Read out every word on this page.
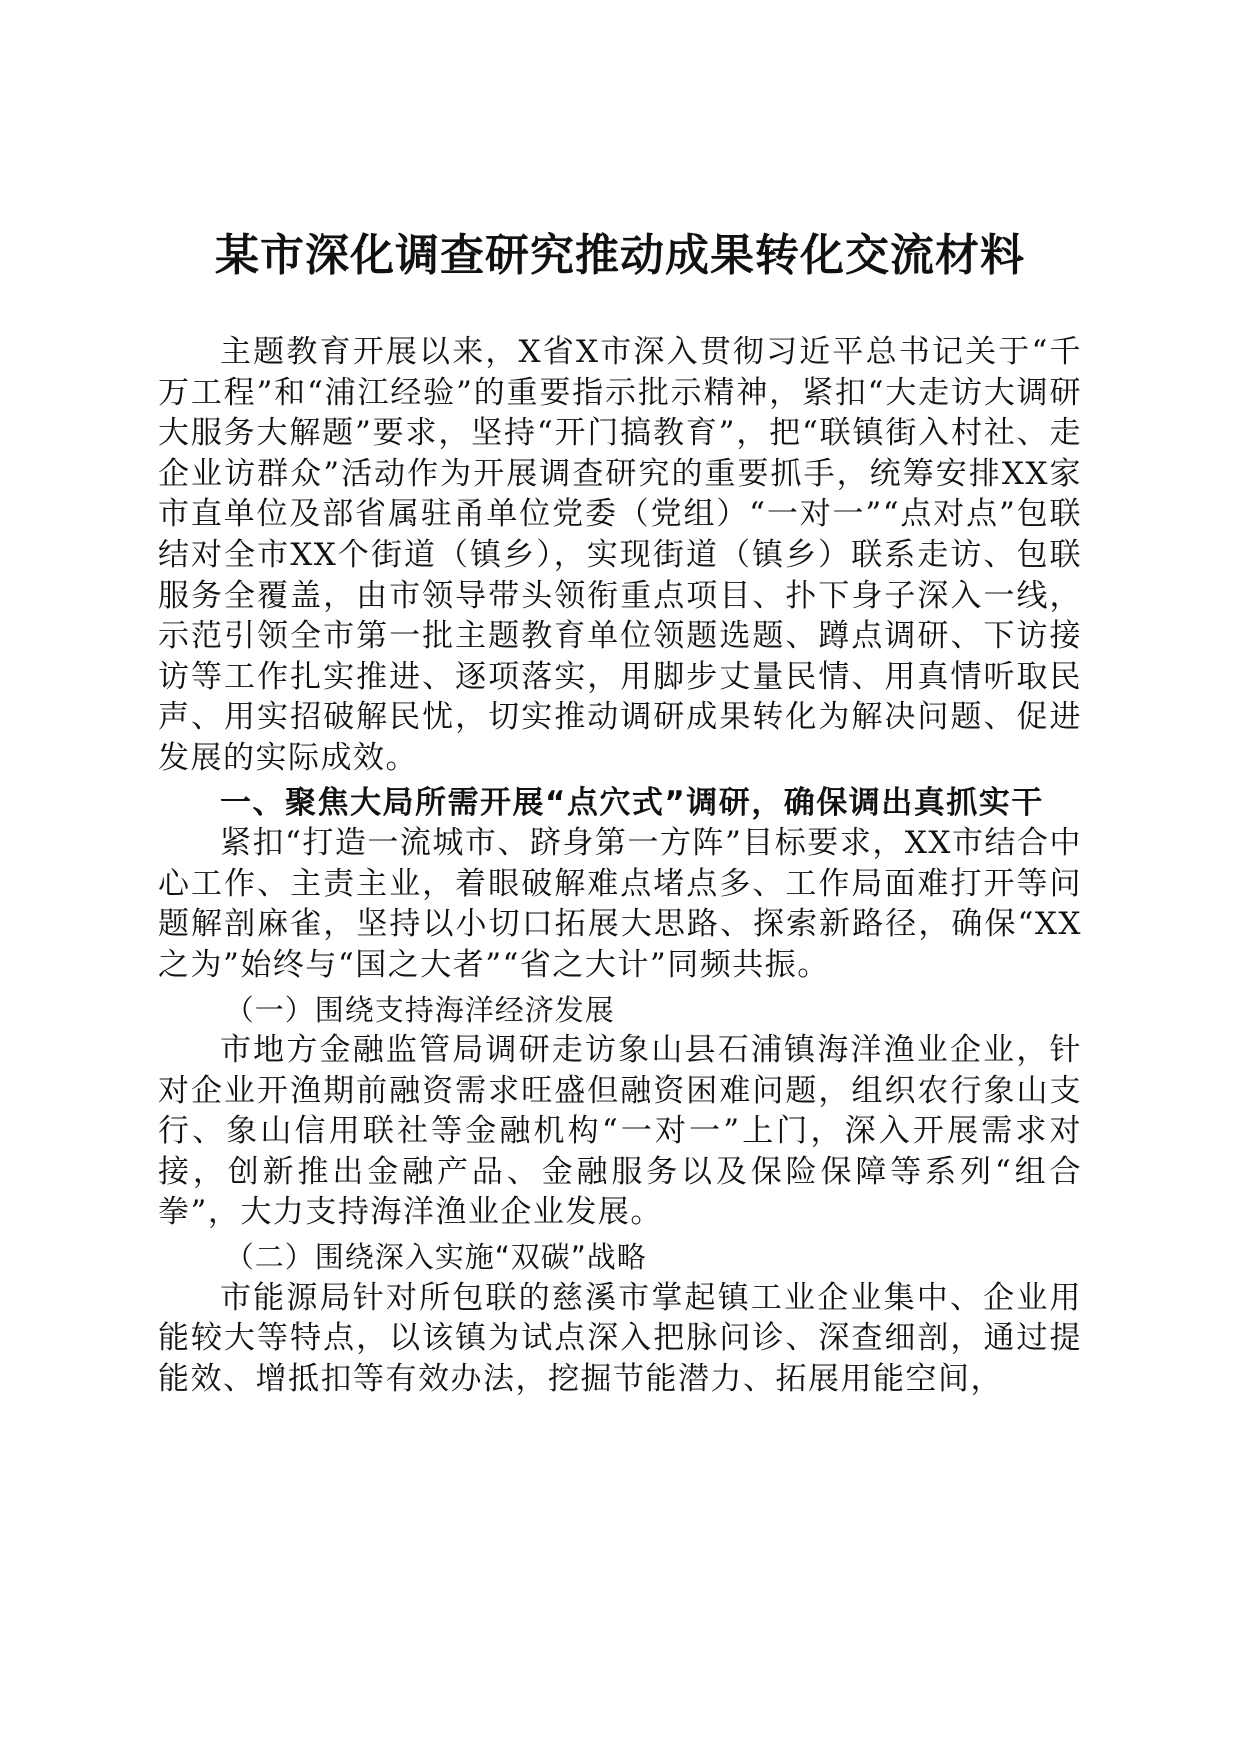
某市深化调查研究推动成果转化交流材料

主题教育开展以来，X省X市深入贯彻习近平总书记关于“千万工程”和“浦江经验”的重要指示批示精神，紧扣“大走访大调研大服务大解题”要求，坚持“开门搞教育”，把“联镇街入村社、走企业访群众”活动作为开展调查研究的重要抓手，统筹安排XX家市直单位及部省属驻甬单位党委（党组）“一对一”“点对点”包联结对全市XX个街道（镇乡），实现街道（镇乡）联系走访、包联服务全覆盖，由市领导带头领衔重点项目、扑下身子深入一线，示范引领全市第一批主题教育单位领题选题、蹲点调研、下访接访等工作扎实推进、逐项落实，用脚步丈量民情、用真情听取民声、用实招破解民忧，切实推动调研成果转化为解决问题、促进发展的实际成效。

一、聚焦大局所需开展“点穴式”调研，确保调出真抓实干

紧扣“打造一流城市、跻身第一方阵”目标要求，XX市结合中心工作、主责主业，着眼破解难点堵点多、工作局面难打开等问题解剖麻雀，坚持以小切口拓展大思路、探索新路径，确保“XX之为”始终与“国之大者”“省之大计”同频共振。

（一）围绕支持海洋经济发展

市地方金融监管局调研走访象山县石浦镇海洋渔业企业，针对企业开渔期前融资需求旺盛但融资困难问题，组织农行象山支行、象山信用联社等金融机构“一对一”上门，深入开展需求对接，创新推出金融产品、金融服务以及保险保障等系列“组合拳”，大力支持海洋渔业企业发展。

（二）围绕深入实施“双碳”战略

市能源局针对所包联的慈溪市掌起镇工业企业集中、企业用能较大等特点，以该镇为试点深入把脉问诊、深查细剖，通过提能效、增抵扣等有效办法，挖掘节能潜力、拓展用能空间，
